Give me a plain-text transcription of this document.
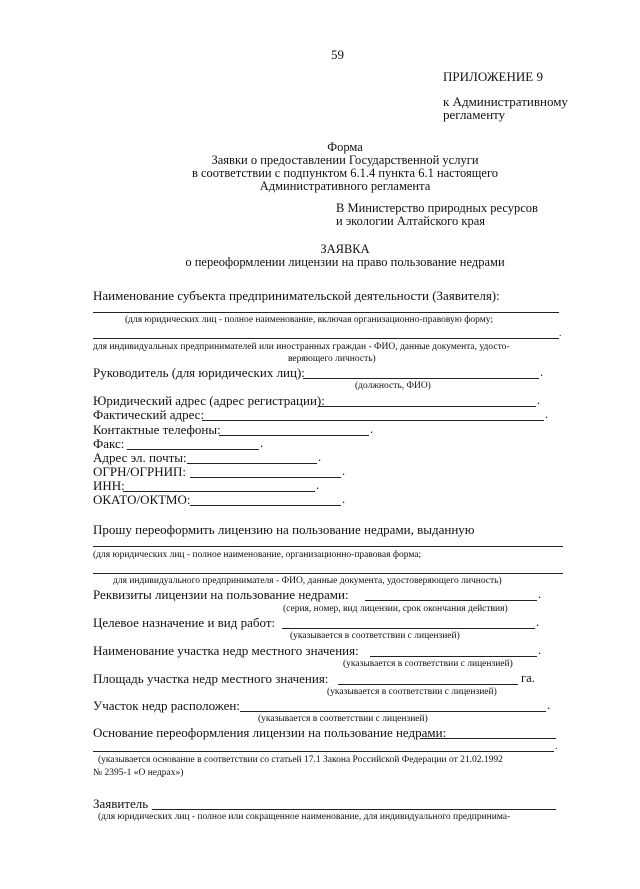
59
ПРИЛОЖЕНИЕ 9
к Административному
регламенту
Форма
Заявки о предоставлении Государственной услуги
в соответствии с подпунктом 6.1.4 пункта 6.1 настоящего
Административного регламента
В Министерство природных ресурсов
и экологии Алтайского края
ЗАЯВКА
о переоформлении лицензии на право пользование недрами
Наименование субъекта предпринимательской деятельности (Заявителя):
(для юридических лиц - полное наименование, включая организационно-правовую форму;
.
для индивидуальных предпринимателей или иностранных граждан - ФИО, данные документа, удосто-
веряющего личность)
Руководитель (для юридических лиц):	.
(должность, ФИО)
Юридический адрес (адрес регистрации):	.
Фактический адрес:	.
Контактные телефоны:	.
Факс:	.
Адрес эл. почты:	.
ОГРН/ОГРНИП:	.
ИНН:	.
ОКАТО/ОКТМО:	.
Прошу переоформить лицензию на пользование недрами, выданную
(для юридических лиц - полное наименование, организационно-правовая форма;
для индивидуального предпринимателя - ФИО, данные документа, удостоверяющего личность)
Реквизиты лицензии на пользование недрами:	.
(серия, номер, вид лицензии, срок окончания действия)
Целевое назначение и вид работ:	.
(указывается в соответствии с лицензией)
Наименование участка недр местного значения:	.
(указывается в соответствии с лицензией)
Площадь участка недр местного значения:	га.
(указывается в соответствии с лицензией)
Участок недр расположен:	.
(указывается в соответствии с лицензией)
Основание переоформления лицензии на пользование недрами:
.
(указывается основание в соответствии со статьей 17.1 Закона Российской Федерации от 21.02.1992
№ 2395-1 «О недрах»)
Заявитель
(для юридических лиц - полное или сокращенное наименование, для индивидуального предпринима-
